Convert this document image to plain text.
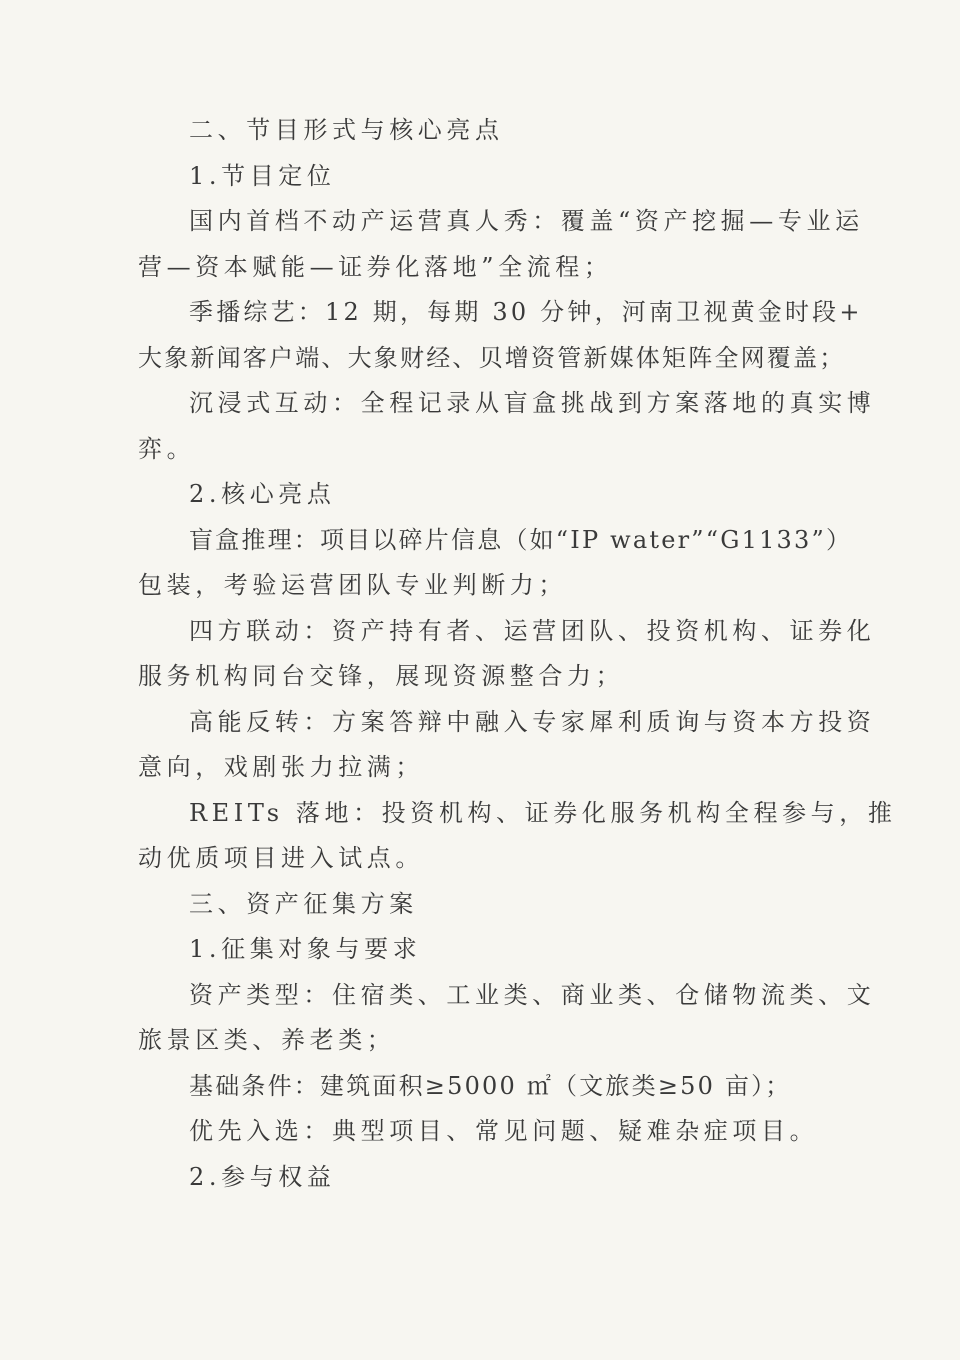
二、节目形式与核心亮点

1.节目定位

国内首档不动产运营真人秀：覆盖“资产挖掘—专业运

营—资本赋能—证券化落地”全流程；

季播综艺：12 期，每期 30 分钟，河南卫视黄金时段+

大象新闻客户端、大象财经、贝增资管新媒体矩阵全网覆盖；

沉浸式互动：全程记录从盲盒挑战到方案落地的真实博

弈。

2.核心亮点

盲盒推理：项目以碎片信息（如“IP water”“G1133”）

包装，考验运营团队专业判断力；

四方联动：资产持有者、运营团队、投资机构、证券化

服务机构同台交锋，展现资源整合力；

高能反转：方案答辩中融入专家犀利质询与资本方投资

意向，戏剧张力拉满；

REITs 落地：投资机构、证券化服务机构全程参与，推

动优质项目进入试点。

三、资产征集方案

1.征集对象与要求

资产类型：住宿类、工业类、商业类、仓储物流类、文

旅景区类、养老类；

基础条件：建筑面积≥5000 ㎡（文旅类≥50 亩）；

优先入选：典型项目、常见问题、疑难杂症项目。

2.参与权益
